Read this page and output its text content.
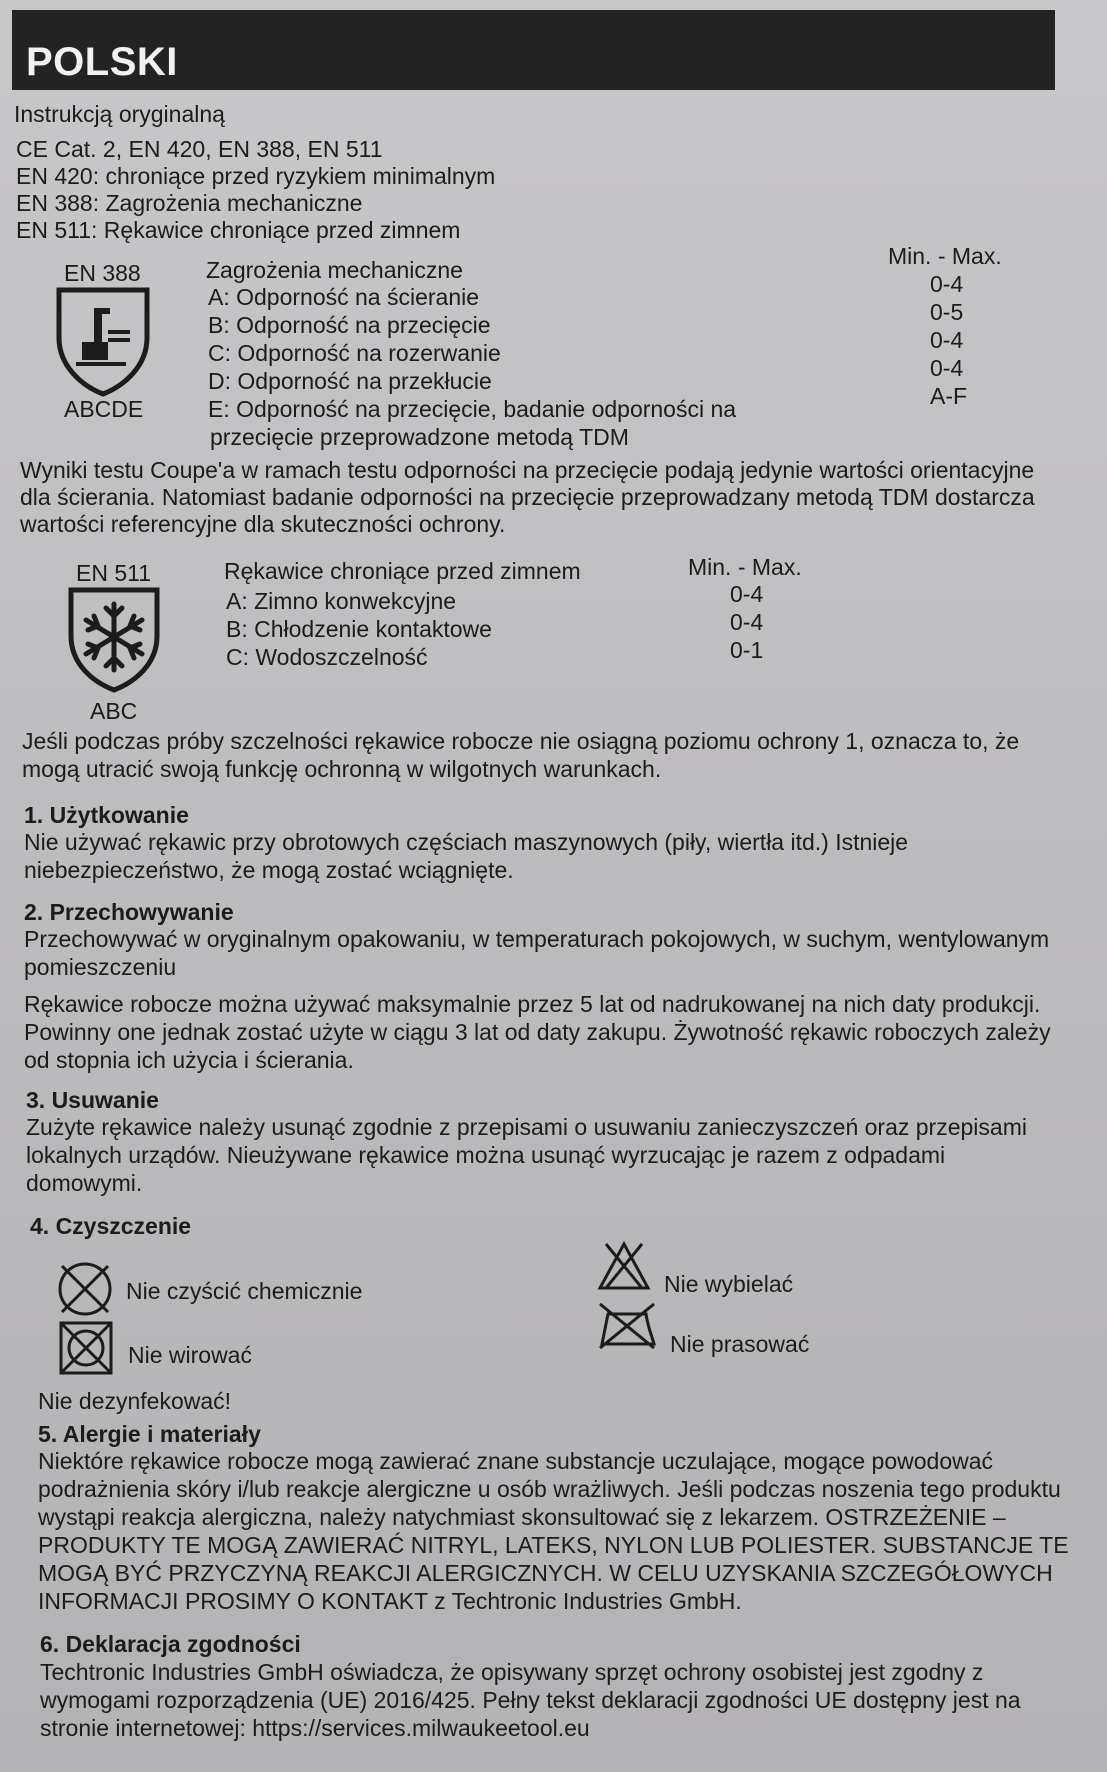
POLSKI
Instrukcją oryginalną
CE Cat. 2, EN 420, EN 388, EN 511
EN 420: chroniące przed ryzykiem minimalnym
EN 388: Zagrożenia mechaniczne
EN 511: Rękawice chroniące przed zimnem
EN 388
ABCDE
Zagrożenia mechaniczne
Min. - Max.
A: Odporność na ścieranie	0-4
B: Odporność na przecięcie	0-5
C: Odporność na rozerwanie	0-4
D: Odporność na przekłucie	0-4
E: Odporność na przecięcie, badanie odporności na	A-F
przecięcie przeprowadzone metodą TDM
Wyniki testu Coupe'a w ramach testu odporności na przecięcie podają jedynie wartości orientacyjne
dla ścierania. Natomiast badanie odporności na przecięcie przeprowadzany metodą TDM dostarcza
wartości referencyjne dla skuteczności ochrony.
EN 511
ABC
Rękawice chroniące przed zimnem	Min. - Max.
A: Zimno konwekcyjne	0-4
B: Chłodzenie kontaktowe	0-4
C: Wodoszczelność	0-1
Jeśli podczas próby szczelności rękawice robocze nie osiągną poziomu ochrony 1, oznacza to, że
mogą utracić swoją funkcję ochronną w wilgotnych warunkach.
1. Użytkowanie
Nie używać rękawic przy obrotowych częściach maszynowych (piły, wiertła itd.) Istnieje
niebezpieczeństwo, że mogą zostać wciągnięte.
2. Przechowywanie
Przechowywać w oryginalnym opakowaniu, w temperaturach pokojowych, w suchym, wentylowanym
pomieszczeniu
Rękawice robocze można używać maksymalnie przez 5 lat od nadrukowanej na nich daty produkcji.
Powinny one jednak zostać użyte w ciągu 3 lat od daty zakupu. Żywotność rękawic roboczych zależy
od stopnia ich użycia i ścierania.
3. Usuwanie
Zużyte rękawice należy usunąć zgodnie z przepisami o usuwaniu zanieczyszczeń oraz przepisami
lokalnych urządów. Nieużywane rękawice można usunąć wyrzucając je razem z odpadami
domowymi.
4. Czyszczenie
Nie czyścić chemicznie
Nie wirować
Nie wybielać
Nie prasować
Nie dezynfekować!
5. Alergie i materiały
Niektóre rękawice robocze mogą zawierać znane substancje uczulające, mogące powodować
podrażnienia skóry i/lub reakcje alergiczne u osób wrażliwych. Jeśli podczas noszenia tego produktu
wystąpi reakcja alergiczna, należy natychmiast skonsultować się z lekarzem. OSTRZEŻENIE –
PRODUKTY TE MOGĄ ZAWIERAĆ NITRYL, LATEKS, NYLON LUB POLIESTER. SUBSTANCJE TE
MOGĄ BYĆ PRZYCZYNĄ REAKCJI ALERGICZNYCH. W CELU UZYSKANIA SZCZEGÓŁOWYCH
INFORMACJI PROSIMY O KONTAKT z Techtronic Industries GmbH.
6. Deklaracja zgodności
Techtronic Industries GmbH oświadcza, że opisywany sprzęt ochrony osobistej jest zgodny z
wymogami rozporządzenia (UE) 2016/425. Pełny tekst deklaracji zgodności UE dostępny jest na
stronie internetowej: https://services.milwaukeetool.eu
